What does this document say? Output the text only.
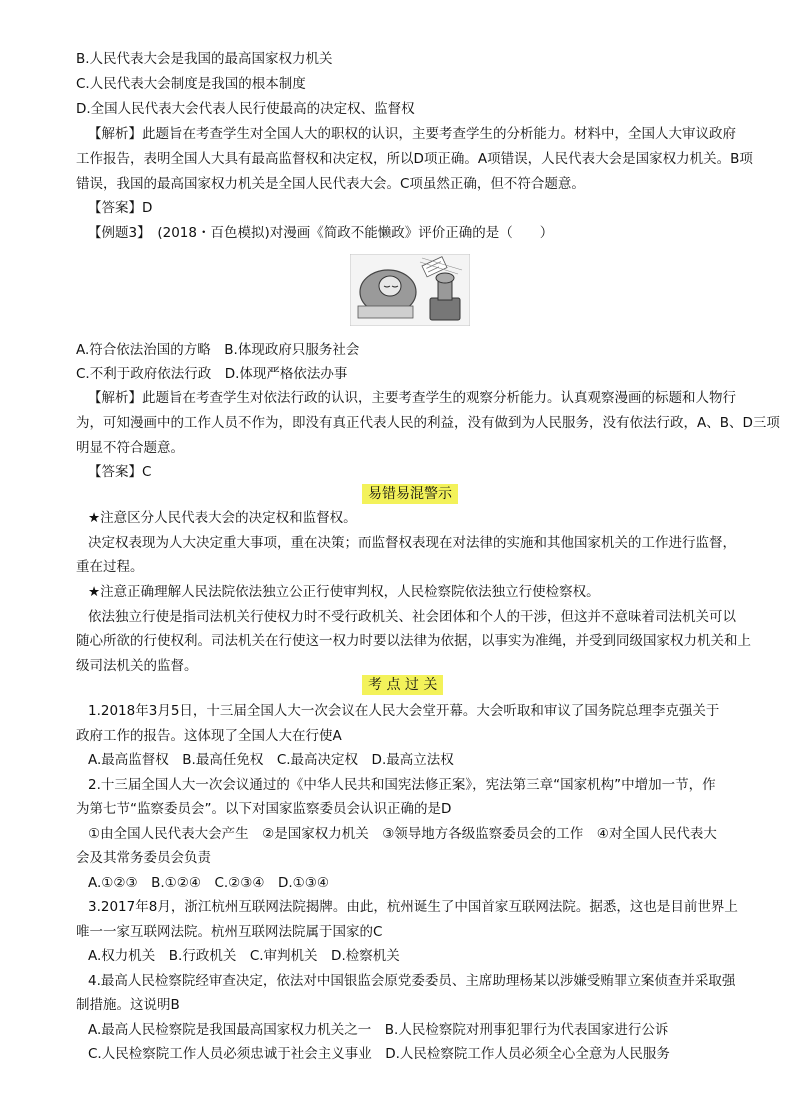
B.人民代表大会是我国的最高国家权力机关
C.人民代表大会制度是我国的根本制度
D.全国人民代表大会代表人民行使最高的决定权、监督权
【解析】此题旨在考查学生对全国人大的职权的认识，主要考查学生的分析能力。材料中，全国人大审议政府
工作报告，表明全国人大具有最高监督权和决定权，所以D项正确。A项错误，人民代表大会是国家权力机关。B项
错误，我国的最高国家权力机关是全国人民代表大会。C项虽然正确，但不符合题意。
【答案】D
【例题3】　(2018・百色模拟)对漫画《简政不能懒政》评价正确的是（　　）
A.符合依法治国的方略　B.体现政府只服务社会
C.不利于政府依法行政　D.体现严格依法办事
【解析】此题旨在考查学生对依法行政的认识，主要考查学生的观察分析能力。认真观察漫画的标题和人物行
为，可知漫画中的工作人员不作为，即没有真正代表人民的利益，没有做到为人民服务，没有依法行政，A、B、D三项
明显不符合题意。
【答案】C
易错易混警示
★注意区分人民代表大会的决定权和监督权。
决定权表现为人大决定重大事项，重在决策；而监督权表现在对法律的实施和其他国家机关的工作进行监督，
重在过程。
★注意正确理解人民法院依法独立公正行使审判权，人民检察院依法独立行使检察权。
依法独立行使是指司法机关行使权力时不受行政机关、社会团体和个人的干涉，但这并不意味着司法机关可以
随心所欲的行使权利。司法机关在行使这一权力时要以法律为依据，以事实为准绳，并受到同级国家权力机关和上
级司法机关的监督。
考 点 过 关
1.2018年3月5日，十三届全国人大一次会议在人民大会堂开幕。大会听取和审议了国务院总理李克强关于
政府工作的报告。这体现了全国人大在行使A
A.最高监督权　B.最高任免权　C.最高决定权　D.最高立法权
2.十三届全国人大一次会议通过的《中华人民共和国宪法修正案》，宪法第三章“国家机构”中增加一节，作
为第七节“监察委员会”。以下对国家监察委员会认识正确的是D
①由全国人民代表大会产生　②是国家权力机关　③领导地方各级监察委员会的工作　④对全国人民代表大
会及其常务委员会负责
A.①②③　B.①②④　C.②③④　D.①③④
3.2017年8月，浙江杭州互联网法院揭牌。由此，杭州诞生了中国首家互联网法院。据悉，这也是目前世界上
唯一一家互联网法院。杭州互联网法院属于国家的C
A.权力机关　B.行政机关　C.审判机关　D.检察机关
4.最高人民检察院经审查决定，依法对中国银监会原党委委员、主席助理杨某以涉嫌受贿罪立案侦查并采取强
制措施。这说明B
A.最高人民检察院是我国最高国家权力机关之一　B.人民检察院对刑事犯罪行为代表国家进行公诉
C.人民检察院工作人员必须忠诚于社会主义事业　D.人民检察院工作人员必须全心全意为人民服务
